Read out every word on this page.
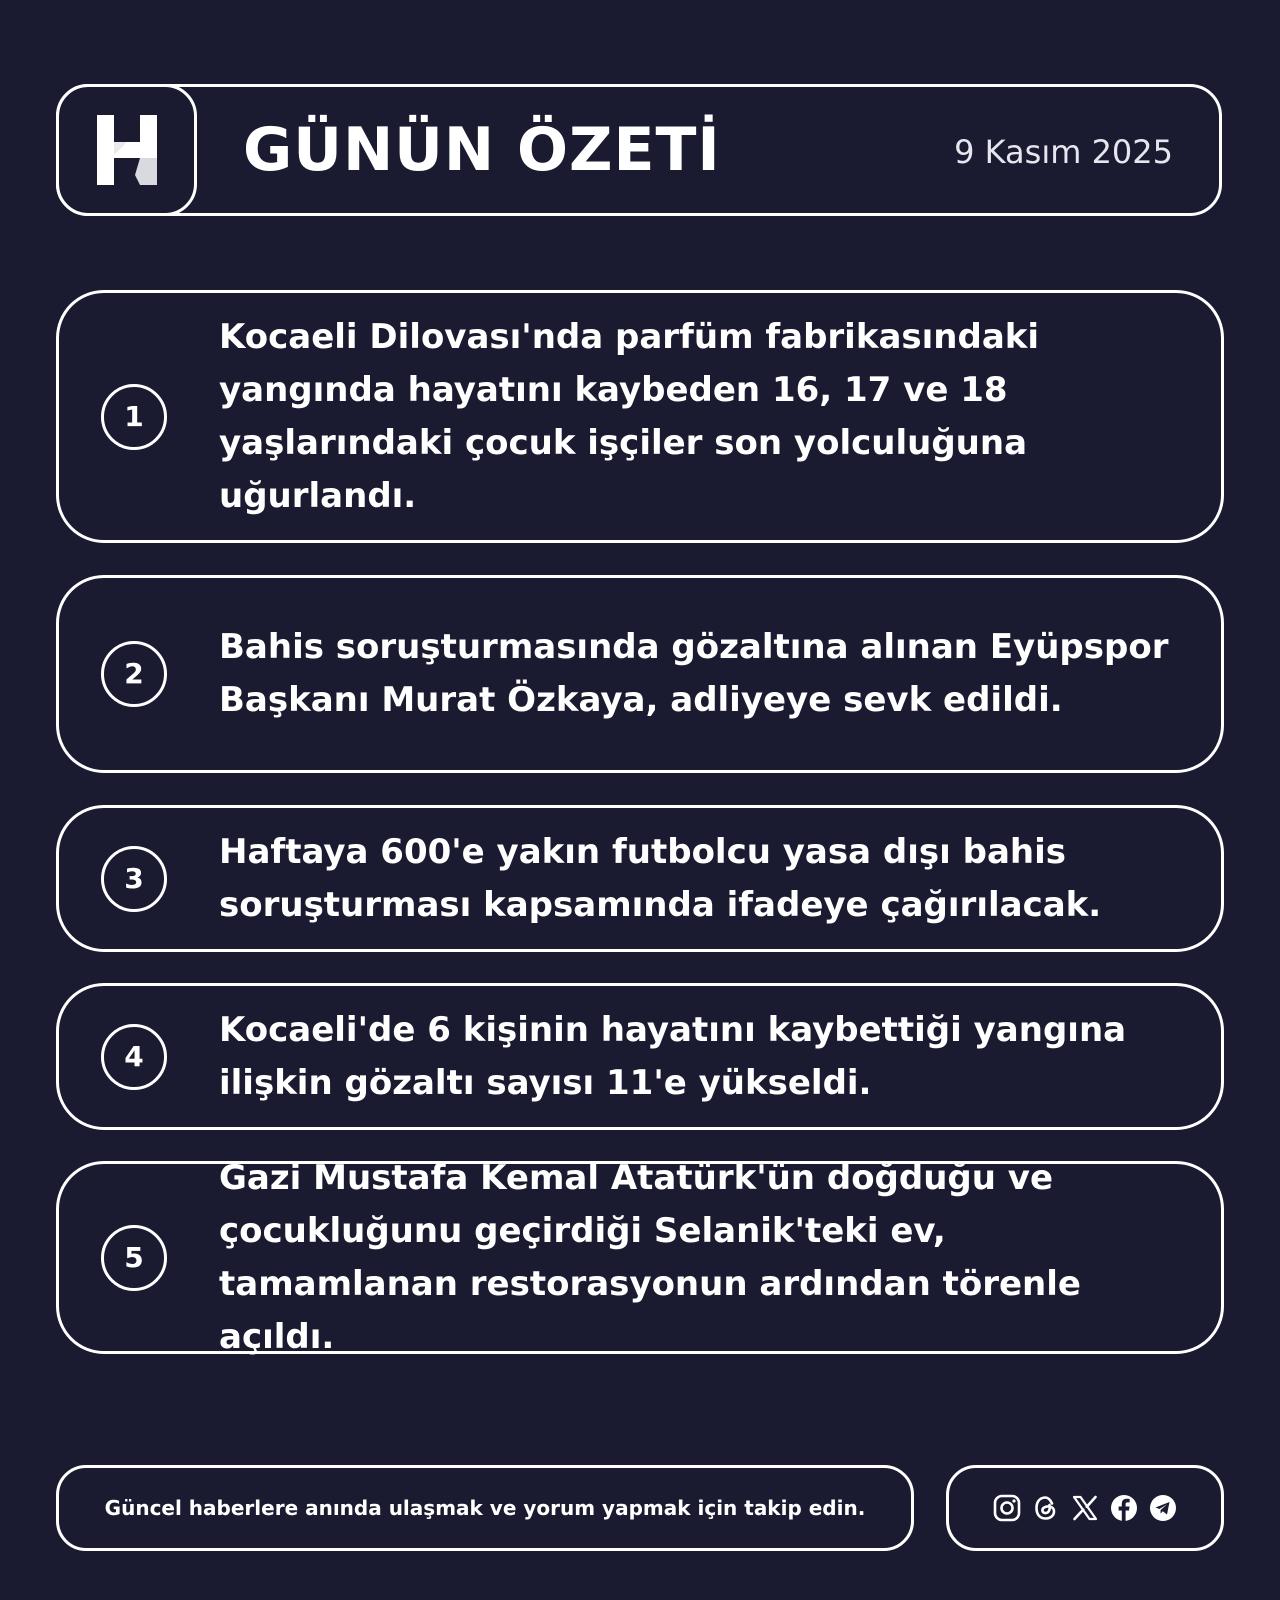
GÜNÜN ÖZETİ	9 Kasım 2025
1
Kocaeli Dilovası'nda parfüm fabrikasındaki yangında hayatını kaybeden 16, 17 ve 18 yaşlarındaki çocuk işçiler son yolculuğuna uğurlandı.
2
Bahis soruşturmasında gözaltına alınan Eyüpspor Başkanı Murat Özkaya, adliyeye sevk edildi.
3
Haftaya 600'e yakın futbolcu yasa dışı bahis soruşturması kapsamında ifadeye çağırılacak.
4
Kocaeli'de 6 kişinin hayatını kaybettiği yangına ilişkin gözaltı sayısı 11'e yükseldi.
5
Gazi Mustafa Kemal Atatürk'ün doğduğu ve çocukluğunu geçirdiği Selanik'teki ev, tamamlanan restorasyonun ardından törenle açıldı.
Güncel haberlere anında ulaşmak ve yorum yapmak için takip edin.
